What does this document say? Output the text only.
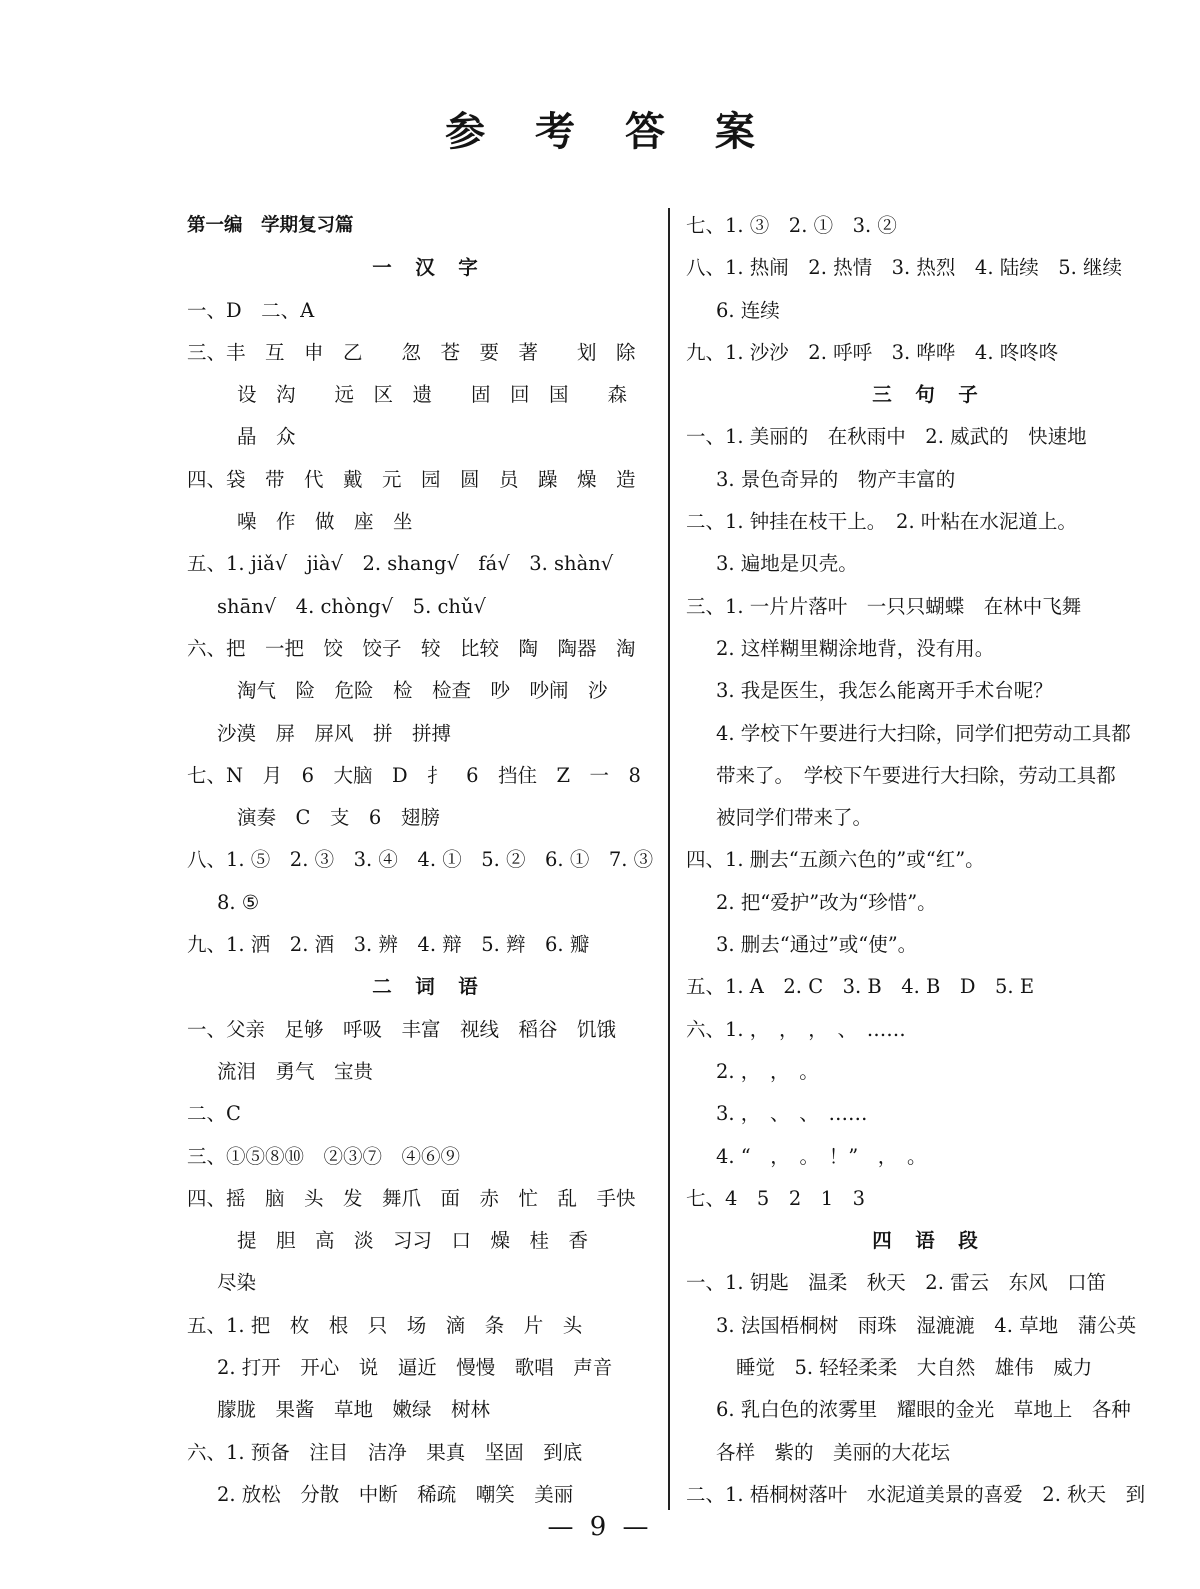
参 考 答 案
第一编　学期复习篇
一　汉　字
一、D　二、A
三、丰　互　申　乙　　忽　苍　要　著　　划　除
设　沟　　远　区　遗　　固　回　国　　森
晶　众
四、袋　带　代　戴　元　园　圆　员　躁　燥　造
噪　作　做　座　坐
五、1. jiǎ√　jià√　2. shang√　fá√　3. shàn√
shān√　4. chòng√　5. chǔ√
六、把　一把　饺　饺子　较　比较　陶　陶器　淘
淘气　险　危险　检　检查　吵　吵闹　沙
沙漠　屏　屏风　拼　拼搏
七、N　月　6　大脑　D　扌　6　挡住　Z　一　8
演奏　C　支　6　翅膀
八、1. ⑤　2. ③　3. ④　4. ①　5. ②　6. ①　7. ③
8. ⑤
九、1. 洒　2. 酒　3. 辨　4. 辩　5. 辫　6. 瓣
二　词　语
一、父亲　足够　呼吸　丰富　视线　稻谷　饥饿
流泪　勇气　宝贵
二、C
三、①⑤⑧⑩　②③⑦　④⑥⑨
四、摇　脑　头　发　舞爪　面　赤　忙　乱　手快
提　胆　高　淡　习习　口　燥　桂　香
尽染
五、1. 把　枚　根　只　场　滴　条　片　头
2. 打开　开心　说　逼近　慢慢　歌唱　声音
朦胧　果酱　草地　嫩绿　树林
六、1. 预备　注目　洁净　果真　坚固　到底
2. 放松　分散　中断　稀疏　嘲笑　美丽
七、1. ③　2. ①　3. ②
八、1. 热闹　2. 热情　3. 热烈　4. 陆续　5. 继续
6. 连续
九、1. 沙沙　2. 呼呼　3. 哗哗　4. 咚咚咚
三　句　子
一、1. 美丽的　在秋雨中　2. 威武的　快速地
3. 景色奇异的　物产丰富的
二、1. 钟挂在枝干上。　2. 叶粘在水泥道上。
3. 遍地是贝壳。
三、1. 一片片落叶　一只只蝴蝶　在林中飞舞
2. 这样糊里糊涂地背，没有用。
3. 我是医生，我怎么能离开手术台呢？
4. 学校下午要进行大扫除，同学们把劳动工具都
带来了。　学校下午要进行大扫除，劳动工具都
被同学们带来了。
四、1. 删去“五颜六色的”或“红”。
2. 把“爱护”改为“珍惜”。
3. 删去“通过”或“使”。
五、1. A　2. C　3. B　4. B　D　5. E
六、1. ，　，　，　、　……
2. ，　，　。
3. ，　、　、　……
4. “　，　。　！”　，　。
七、4　5　2　1　3
四　语　段
一、1. 钥匙　温柔　秋天　2. 雷云　东风　口笛
3. 法国梧桐树　雨珠　湿漉漉　4. 草地　蒲公英
睡觉　5. 轻轻柔柔　大自然　雄伟　威力
6. 乳白色的浓雾里　耀眼的金光　草地上　各种
各样　紫的　美丽的大花坛
二、1. 梧桐树落叶　水泥道美景的喜爱　2. 秋天　到
— 9 —
